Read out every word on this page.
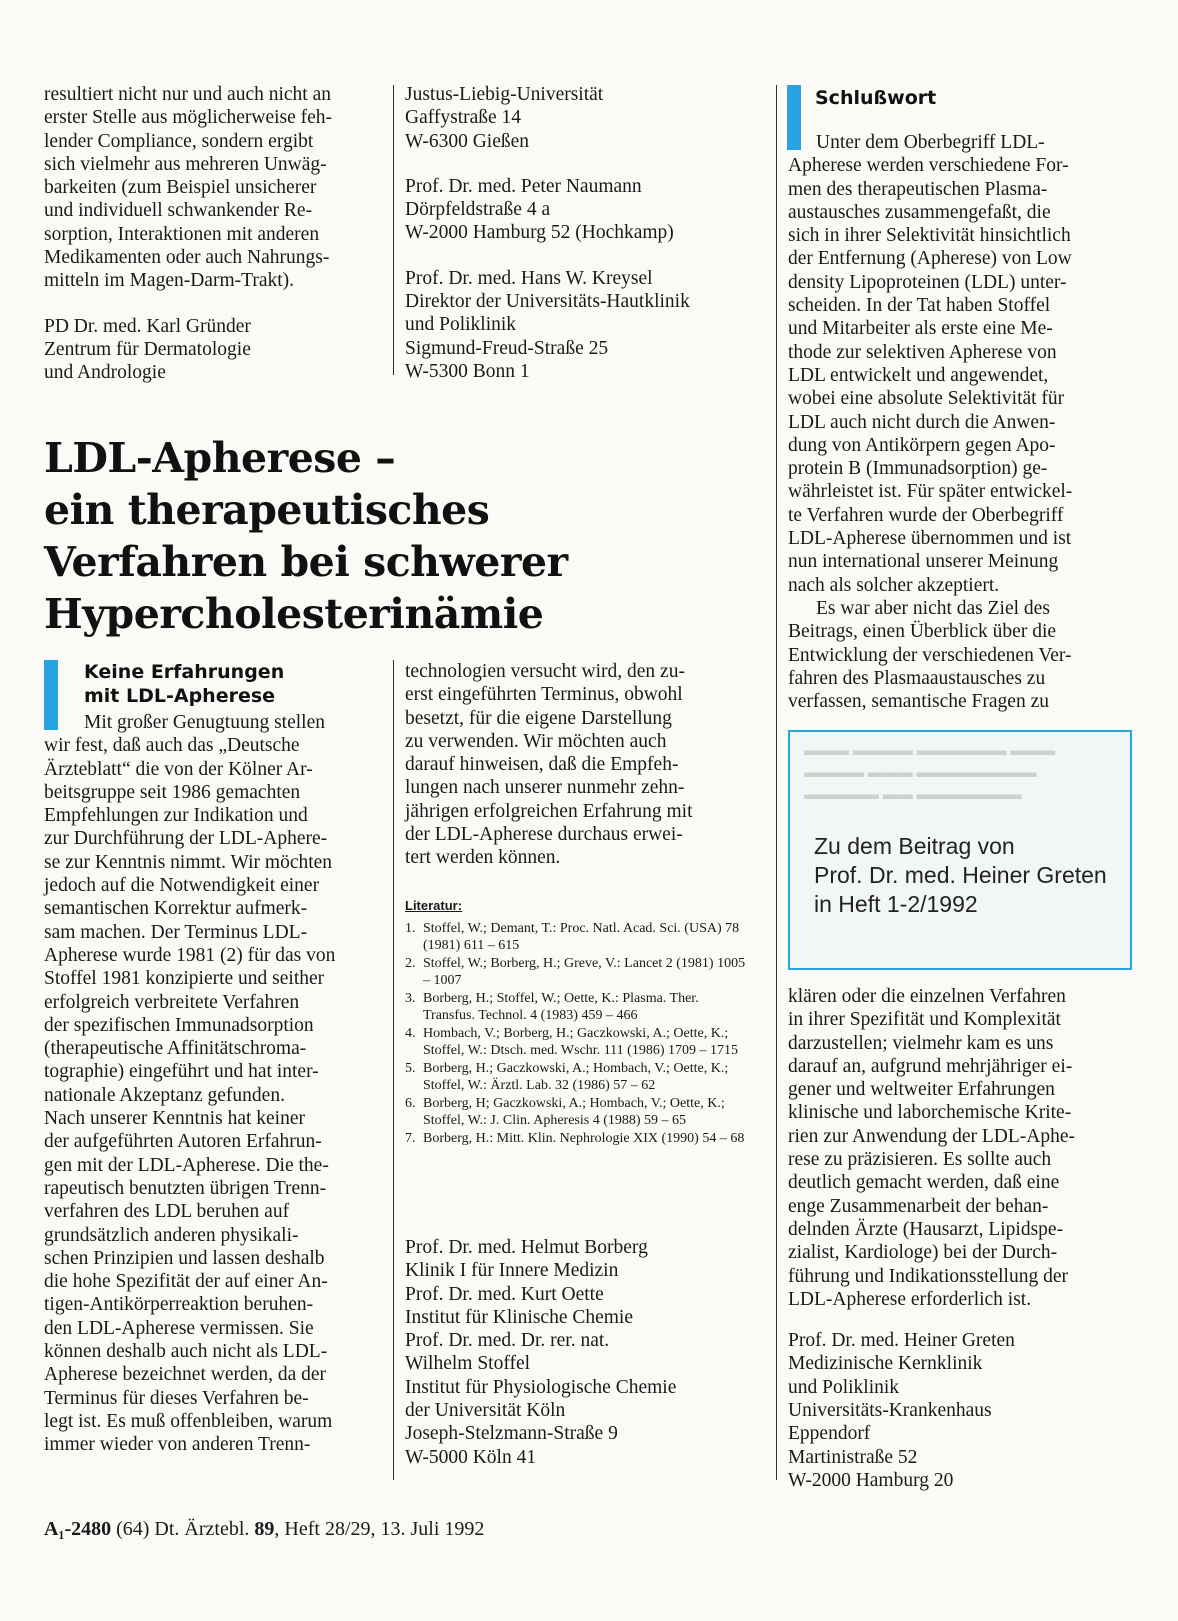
resultiert nicht nur und auch nicht an
erster Stelle aus möglicherweise feh-
lender Compliance, sondern ergibt
sich vielmehr aus mehreren Unwäg-
barkeiten (zum Beispiel unsicherer
und individuell schwankender Re-
sorption, Interaktionen mit anderen
Medikamenten oder auch Nahrungs-
mitteln im Magen-Darm-Trakt).
PD Dr. med. Karl Gründer
Zentrum für Dermatologie
und Andrologie
Justus-Liebig-Universität
Gaffystraße 14
W-6300 Gießen
Prof. Dr. med. Peter Naumann
Dörpfeldstraße 4 a
W-2000 Hamburg 52 (Hochkamp)
Prof. Dr. med. Hans W. Kreysel
Direktor der Universitäts-Hautklinik
und Poliklinik
Sigmund-Freud-Straße 25
W-5300 Bonn 1
LDL-Apherese –
ein therapeutisches
Verfahren bei schwerer
Hypercholesterinämie
Keine Erfahrungen
mit LDL-Apherese
Mit großer Genugtuung stellen
wir fest, daß auch das „Deutsche
Ärzteblatt“ die von der Kölner Ar-
beitsgruppe seit 1986 gemachten
Empfehlungen zur Indikation und
zur Durchführung der LDL-Aphere-
se zur Kenntnis nimmt. Wir möchten
jedoch auf die Notwendigkeit einer
semantischen Korrektur aufmerk-
sam machen. Der Terminus LDL-
Apherese wurde 1981 (2) für das von
Stoffel 1981 konzipierte und seither
erfolgreich verbreitete Verfahren
der spezifischen Immunadsorption
(therapeutische Affinitätschroma-
tographie) eingeführt und hat inter-
nationale Akzeptanz gefunden.
Nach unserer Kenntnis hat keiner
der aufgeführten Autoren Erfahrun-
gen mit der LDL-Apherese. Die the-
rapeutisch benutzten übrigen Trenn-
verfahren des LDL beruhen auf
grundsätzlich anderen physikali-
schen Prinzipien und lassen deshalb
die hohe Spezifität der auf einer An-
tigen-Antikörperreaktion beruhen-
den LDL-Apherese vermissen. Sie
können deshalb auch nicht als LDL-
Apherese bezeichnet werden, da der
Terminus für dieses Verfahren be-
legt ist. Es muß offenbleiben, warum
immer wieder von anderen Trenn-
technologien versucht wird, den zu-
erst eingeführten Terminus, obwohl
besetzt, für die eigene Darstellung
zu verwenden. Wir möchten auch
darauf hinweisen, daß die Empfeh-
lungen nach unserer nunmehr zehn-
jährigen erfolgreichen Erfahrung mit
der LDL-Apherese durchaus erwei-
tert werden können.
Literatur:
1. Stoffel, W.; Demant, T.: Proc. Natl. Acad. Sci. (USA) 78 (1981) 611 – 615
2. Stoffel, W.; Borberg, H.; Greve, V.: Lancet 2 (1981) 1005 – 1007
3. Borberg, H.; Stoffel, W.; Oette, K.: Plasma. Ther. Transfus. Technol. 4 (1983) 459 – 466
4. Hombach, V.; Borberg, H.; Gaczkowski, A.; Oette, K.; Stoffel, W.: Dtsch. med. Wschr. 111 (1986) 1709 – 1715
5. Borberg, H.; Gaczkowski, A.; Hombach, V.; Oette, K.; Stoffel, W.: Ärztl. Lab. 32 (1986) 57 – 62
6. Borberg, H; Gaczkowski, A.; Hombach, V.; Oette, K.; Stoffel, W.: J. Clin. Apheresis 4 (1988) 59 – 65
7. Borberg, H.: Mitt. Klin. Nephrologie XIX (1990) 54 – 68
Prof. Dr. med. Helmut Borberg
Klinik I für Innere Medizin
Prof. Dr. med. Kurt Oette
Institut für Klinische Chemie
Prof. Dr. med. Dr. rer. nat.
Wilhelm Stoffel
Institut für Physiologische Chemie
der Universität Köln
Joseph-Stelzmann-Straße 9
W-5000 Köln 41
Schlußwort
Unter dem Oberbegriff LDL-
Apherese werden verschiedene For-
men des therapeutischen Plasma-
austausches zusammengefaßt, die
sich in ihrer Selektivität hinsichtlich
der Entfernung (Apherese) von Low
density Lipoproteinen (LDL) unter-
scheiden. In der Tat haben Stoffel
und Mitarbeiter als erste eine Me-
thode zur selektiven Apherese von
LDL entwickelt und angewendet,
wobei eine absolute Selektivität für
LDL auch nicht durch die Anwen-
dung von Antikörpern gegen Apo-
protein B (Immunadsorption) ge-
währleistet ist. Für später entwickel-
te Verfahren wurde der Oberbegriff
LDL-Apherese übernommen und ist
nun international unserer Meinung
nach als solcher akzeptiert.
Es war aber nicht das Ziel des
Beitrags, einen Überblick über die
Entwicklung der verschiedenen Ver-
fahren des Plasmaaustausches zu
verfassen, semantische Fragen zu
▬▬▬ ▬▬▬▬ ▬▬▬▬▬▬ ▬▬▬
▬▬▬▬ ▬▬▬ ▬▬▬▬▬▬▬▬
▬▬▬▬▬ ▬▬ ▬▬▬▬▬▬▬
Zu dem Beitrag von
Prof. Dr. med. Heiner Greten
in Heft 1-2/1992
klären oder die einzelnen Verfahren
in ihrer Spezifität und Komplexität
darzustellen; vielmehr kam es uns
darauf an, aufgrund mehrjähriger ei-
gener und weltweiter Erfahrungen
klinische und laborchemische Krite-
rien zur Anwendung der LDL-Aphe-
rese zu präzisieren. Es sollte auch
deutlich gemacht werden, daß eine
enge Zusammenarbeit der behan-
delnden Ärzte (Hausarzt, Lipidspe-
zialist, Kardiologe) bei der Durch-
führung und Indikationsstellung der
LDL-Apherese erforderlich ist.
Prof. Dr. med. Heiner Greten
Medizinische Kernklinik
und Poliklinik
Universitäts-Krankenhaus
Eppendorf
Martinistraße 52
W-2000 Hamburg 20
A₁-2480 (64) Dt. Ärztebl. 89, Heft 28/29, 13. Juli 1992
